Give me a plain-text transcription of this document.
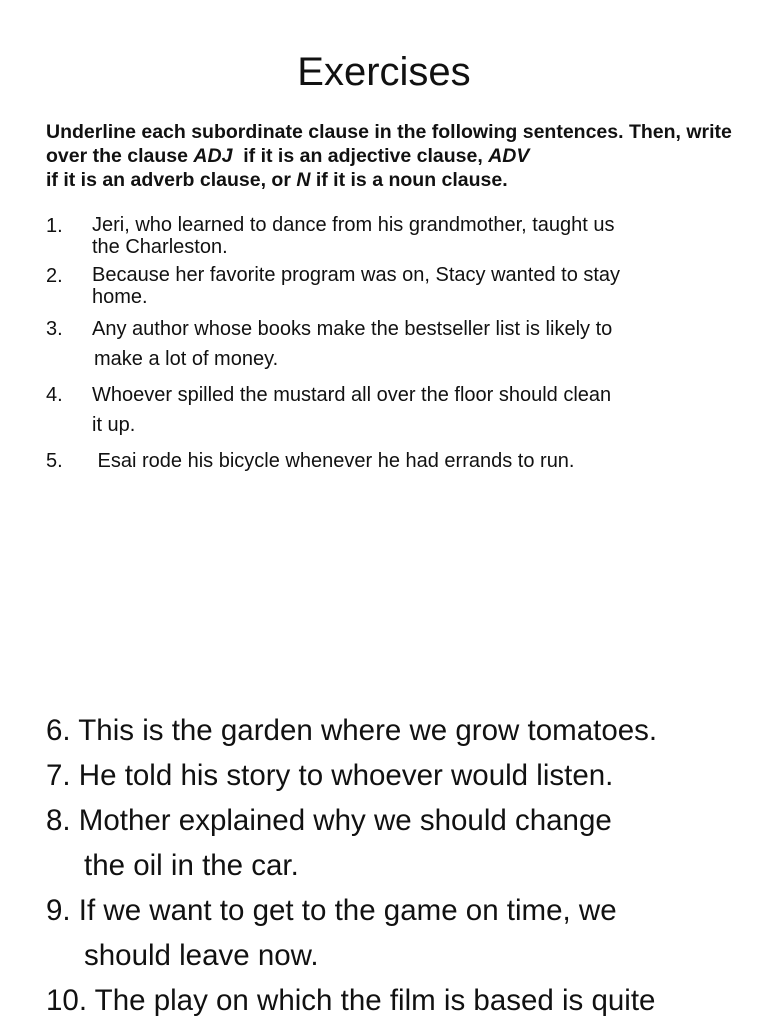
Exercises
Underline each subordinate clause in the following sentences. Then, write over the clause ADJ  if it is an adjective clause, ADV
if it is an adverb clause, or N if it is a noun clause.
1. Jeri, who learned to dance from his grandmother, taught us
the Charleston.
2. Because her favorite program was on, Stacy wanted to stay
home.
3. Any author whose books make the bestseller list is likely to
make a lot of money.
4. Whoever spilled the mustard all over the floor should clean
it up.
5. Esai rode his bicycle whenever he had errands to run.
6. This is the garden where we grow tomatoes.
7. He told his story to whoever would listen.
8. Mother explained why we should change
the oil in the car.
9. If we want to get to the game on time, we
should leave now.
10. The play on which the film is based is quite
